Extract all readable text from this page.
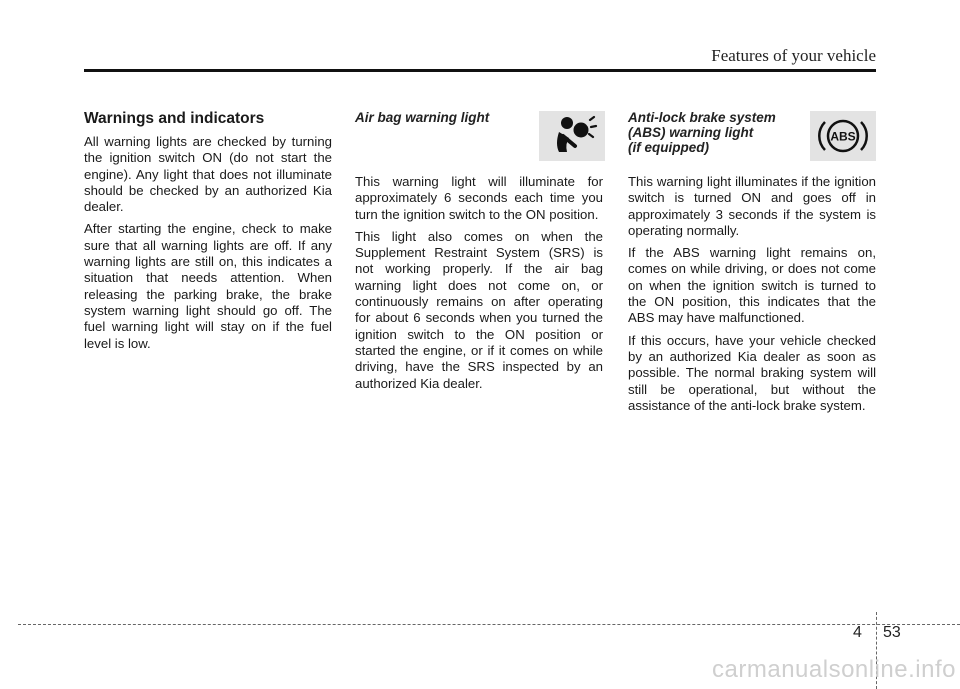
Features of your vehicle
Warnings and indicators

All warning lights are checked by turning the ignition switch ON (do not start the engine). Any light that does not illuminate should be checked by an authorized Kia dealer.

After starting the engine, check to make sure that all warning lights are off. If any warning lights are still on, this indicates a situation that needs attention. When releasing the parking brake, the brake system warning light should go off. The fuel warning light will stay on if the fuel level is low.

Air bag warning light

This warning light will illuminate for approximately 6 seconds each time you turn the ignition switch to the ON position.

This light also comes on when the Supplement Restraint System (SRS) is not working properly. If the air bag warning light does not come on, or continuously remains on after operating for about 6 seconds when you turned the ignition switch to the ON position or started the engine, or if it comes on while driving, have the SRS inspected by an authorized Kia dealer.

Anti-lock brake system
(ABS) warning light
(if equipped)

This warning light illuminates if the ignition switch is turned ON and goes off in approximately 3 seconds if the system is operating normally.

If the ABS warning light remains on, comes on while driving, or does not come on when the ignition switch is turned to the ON position, this indicates that the ABS may have malfunctioned.

If this occurs, have your vehicle checked by an authorized Kia dealer as soon as possible. The normal braking system will still be operational, but without the assistance of the anti-lock brake system.

ABS
4 53
carmanualsonline.info
